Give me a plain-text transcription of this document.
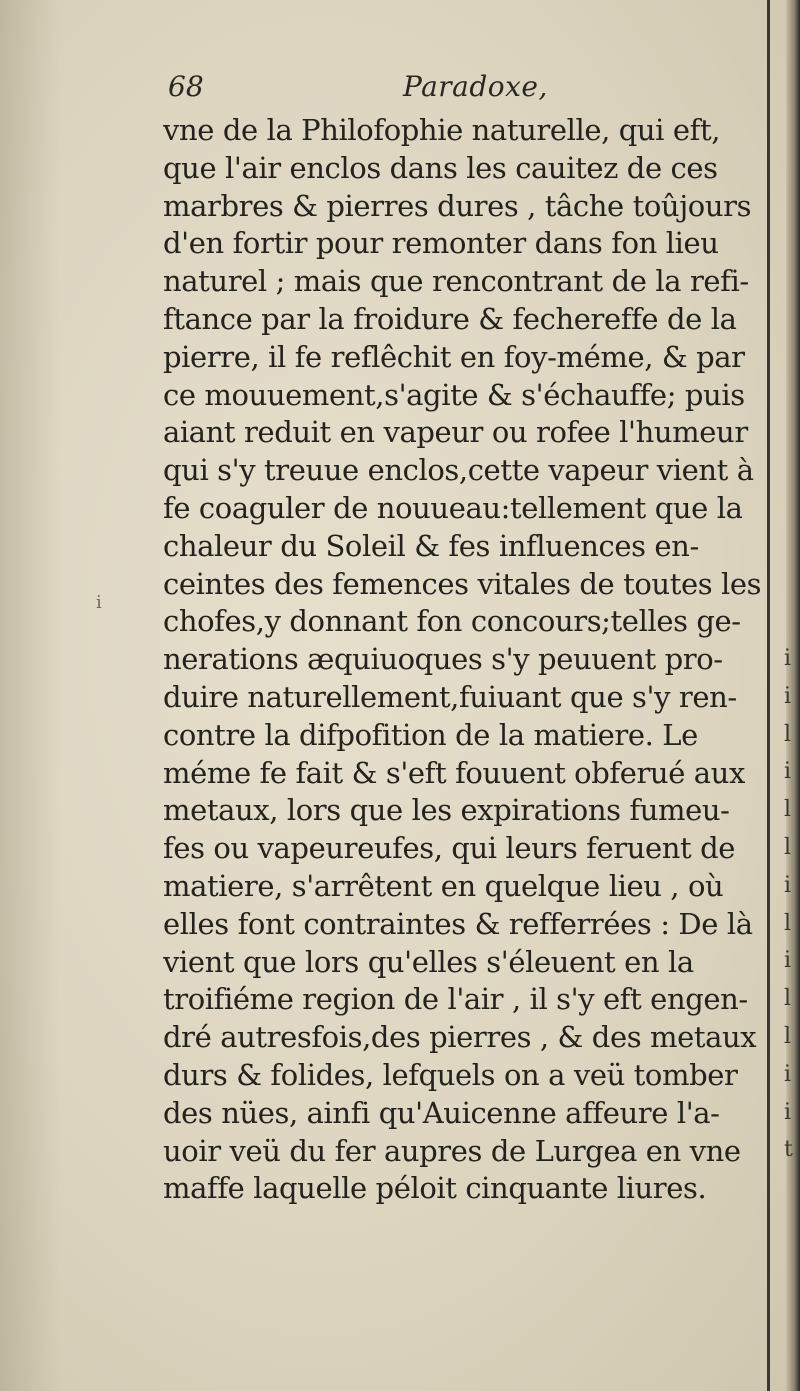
68	Paradoxe,
i
vne de la Philofophie naturelle, qui eft,
que l'air enclos dans les cauitez de ces
marbres & pierres dures , tâche toûjours
d'en fortir pour remonter dans fon lieu
naturel ; mais que rencontrant de la refi-
ftance par la froidure & fechereffe de la
pierre, il fe reflêchit en foy-méme, & par
ce mouuement,s'agite & s'échauffe; puis
aiant reduit en vapeur ou rofee l'humeur
qui s'y treuue enclos,cette vapeur vient à
fe coaguler de nouueau:tellement que la
chaleur du Soleil & fes influences en-
ceintes des femences vitales de toutes les
chofes,y donnant fon concours;telles ge-
nerations æquiuoques s'y peuuent pro-
duire naturellement,fuiuant que s'y ren-
contre la difpofition de la matiere. Le
méme fe fait & s'eft fouuent obferué aux
metaux, lors que les expirations fumeu-
fes ou vapeureufes, qui leurs feruent de
matiere, s'arrêtent en quelque lieu , où
elles font contraintes & refferrées : De là
vient que lors qu'elles s'éleuent en la
troifiéme region de l'air , il s'y eft engen-
dré autresfois,des pierres , & des metaux
durs & folides, lefquels on a veü tomber
des nües, ainfi qu'Auicenne affeure l'a-
uoir veü du fer aupres de Lurgea en vne
maffe laquelle péloit cinquante liures.
i
i
l
i
l
l
i
l
i
l
l
i
i
t
